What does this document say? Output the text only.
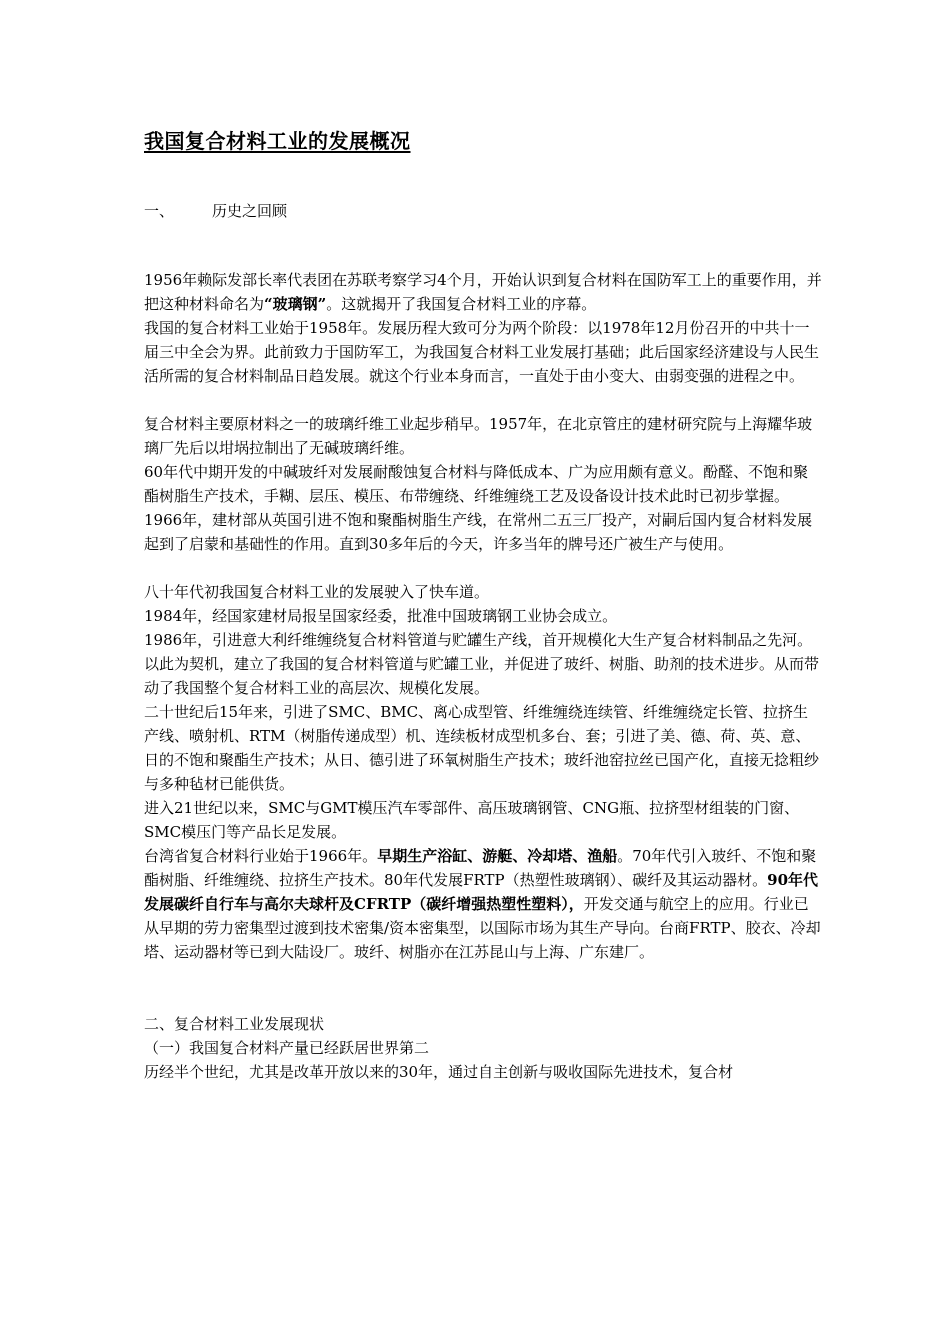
我国复合材料工业的发展概况
一、	历史之回顾

1956年赖际发部长率代表团在苏联考察学习4个月，开始认识到复合材料在国防军工上的重要作用，并把这种材料命名为“玻璃钢”。这就揭开了我国复合材料工业的序幕。

我国的复合材料工业始于1958年。发展历程大致可分为两个阶段：以1978年12月份召开的中共十一届三中全会为界。此前致力于国防军工，为我国复合材料工业发展打基础；此后国家经济建设与人民生活所需的复合材料制品日趋发展。就这个行业本身而言，一直处于由小变大、由弱变强的进程之中。

复合材料主要原材料之一的玻璃纤维工业起步稍早。1957年，在北京管庄的建材研究院与上海耀华玻璃厂先后以坩埚拉制出了无碱玻璃纤维。

60年代中期开发的中碱玻纤对发展耐酸蚀复合材料与降低成本、广为应用颇有意义。酚醛、不饱和聚酯树脂生产技术，手糊、层压、模压、布带缠绕、纤维缠绕工艺及设备设计技术此时已初步掌握。

1966年，建材部从英国引进不饱和聚酯树脂生产线，在常州二五三厂投产，对嗣后国内复合材料发展起到了启蒙和基础性的作用。直到30多年后的今天，许多当年的牌号还广被生产与使用。

八十年代初我国复合材料工业的发展驶入了快车道。

1984年，经国家建材局报呈国家经委，批准中国玻璃钢工业协会成立。

1986年，引进意大利纤维缠绕复合材料管道与贮罐生产线，首开规模化大生产复合材料制品之先河。以此为契机，建立了我国的复合材料管道与贮罐工业，并促进了玻纤、树脂、助剂的技术进步。从而带动了我国整个复合材料工业的高层次、规模化发展。

二十世纪后15年来，引进了SMC、BMC、离心成型管、纤维缠绕连续管、纤维缠绕定长管、拉挤生产线、喷射机、RTM（树脂传递成型）机、连续板材成型机多台、套；引进了美、德、荷、英、意、日的不饱和聚酯生产技术；从日、德引进了环氧树脂生产技术；玻纤池窑拉丝已国产化，直接无捻粗纱与多种毡材已能供货。

进入21世纪以来，SMC与GMT模压汽车零部件、高压玻璃钢管、CNG瓶、拉挤型材组装的门窗、SMC模压门等产品长足发展。

台湾省复合材料行业始于1966年。早期生产浴缸、游艇、冷却塔、渔船。70年代引入玻纤、不饱和聚酯树脂、纤维缠绕、拉挤生产技术。80年代发展FRTP（热塑性玻璃钢）、碳纤及其运动器材。90年代发展碳纤自行车与高尔夫球杆及CFRTP（碳纤增强热塑性塑料），开发交通与航空上的应用。行业已从早期的劳力密集型过渡到技术密集/资本密集型，以国际市场为其生产导向。台商FRTP、胶衣、冷却塔、运动器材等已到大陆设厂。玻纤、树脂亦在江苏昆山与上海、广东建厂。

二、复合材料工业发展现状

（一）我国复合材料产量已经跃居世界第二

历经半个世纪，尤其是改革开放以来的30年，通过自主创新与吸收国际先进技术，复合材
